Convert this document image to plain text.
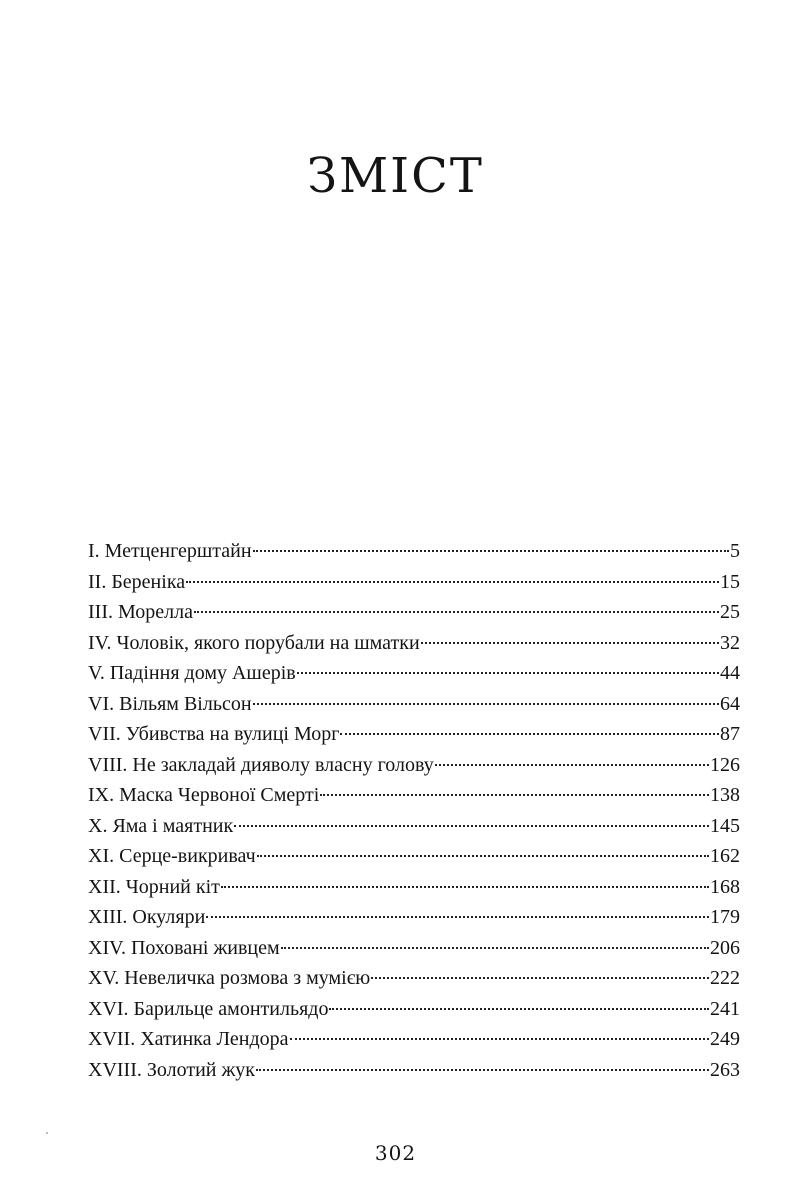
ЗМІСТ
I. Метценгерштайн	5
II. Береніка	15
III. Морелла	25
IV. Чоловік, якого порубали на шматки	32
V. Падіння дому Ашерів	44
VI. Вільям Вільсон	64
VII. Убивства на вулиці Морг	87
VIII. Не закладай дияволу власну голову	126
IX. Маска Червоної Смерті	138
X. Яма і маятник	145
XI. Серце-викривач	162
XII. Чорний кіт	168
XIII. Окуляри	179
XIV. Поховані живцем	206
XV. Невеличка розмова з мумією	222
XVI. Барильце амонтильядо	241
XVII. Хатинка Лендора	249
XVIII. Золотий жук	263
302
